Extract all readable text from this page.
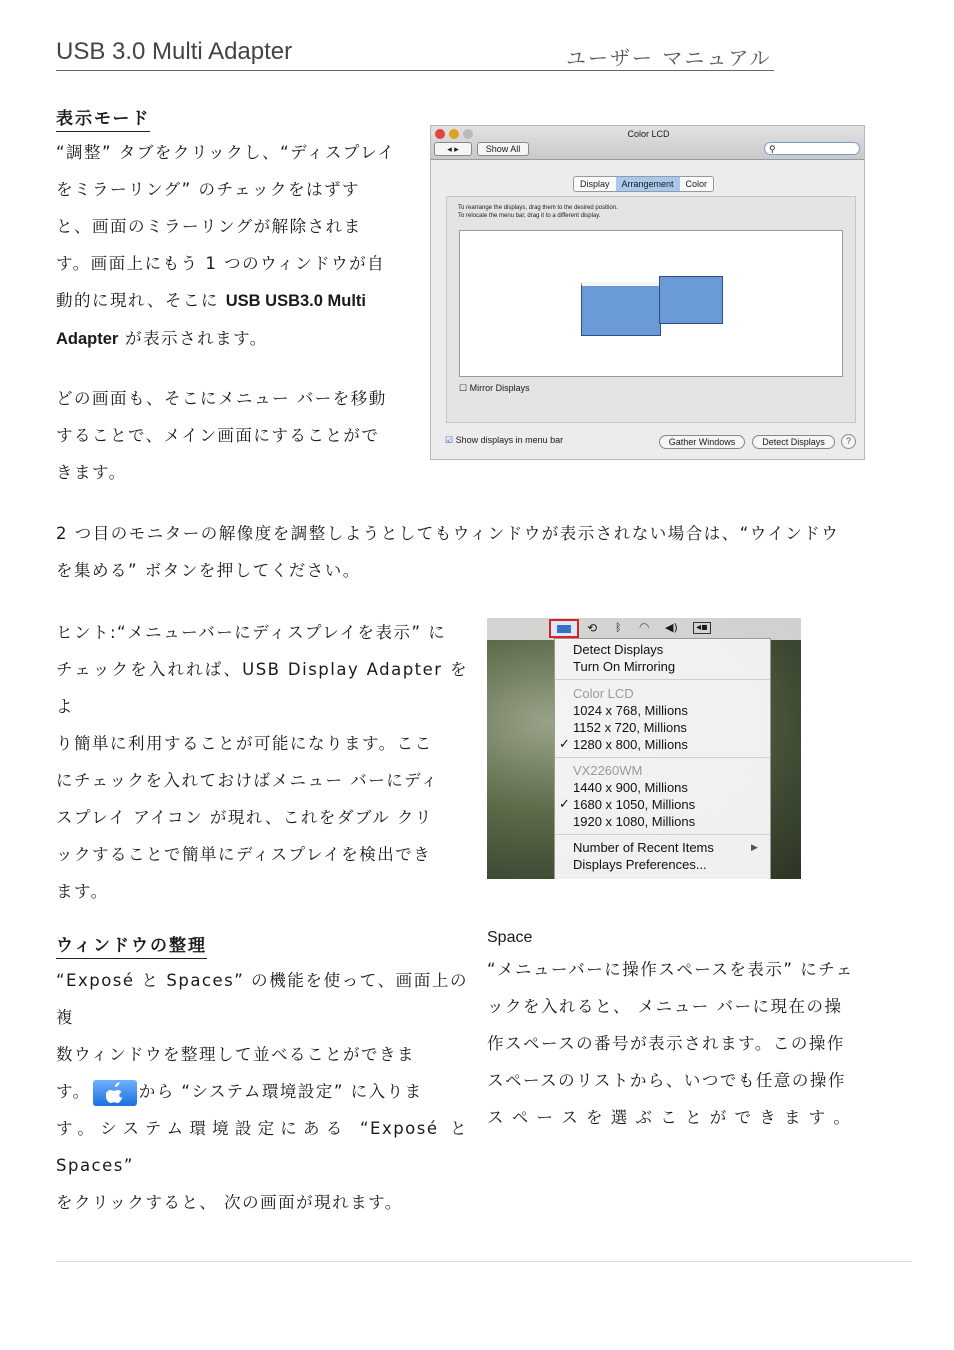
USB 3.0 Multi Adapter	ユーザー マニュアル
表示モード
“調整” タブをクリックし、“ディスプレイ
をミラーリング” のチェックをはずす
と、画面のミラーリングが解除されま
す。画面上にもう 1 つのウィンドウが自
動的に現れ、そこに USB USB3.0 Multi
Adapter が表示されます。
どの画面も、そこにメニュー バーを移動
することで、メイン画面にすることがで
きます。
Color LCD
◂ ▸	Show All	⚲
Display	Arrangement	Color
To rearrange the displays, drag them to the desired position.
To relocate the menu bar, drag it to a different display.
☐ Mirror Displays
☑ Show displays in menu bar	Gather Windows	Detect Displays	?
2 つ目のモニターの解像度を調整しようとしてもウィンドウが表示されない場合は、“ウインドウ
を集める” ボタンを押してください。
ヒント:“メニューバーにディスプレイを表示” に
チェックを入れれば、USB Display Adapter をよ
り簡単に利用することが可能になります。ここ
にチェックを入れておけばメニュー バーにディ
スプレイ アイコン が現れ、これをダブル クリ
ックすることで簡単にディスプレイを検出でき
ます。
⟲ ᛒ ◠ ◀)	◂▪
Detect Displays
Turn On Mirroring
Color LCD
1024 x 768, Millions
1152 x 720, Millions
✓ 1280 x 800, Millions
VX2260WM
1440 x 900, Millions
✓ 1680 x 1050, Millions
1920 x 1080, Millions
Number of Recent Items	▶
Displays Preferences...
ウィンドウの整理
“Exposé と Spaces” の機能を使って、画面上の複
数ウィンドウを整理して並べることができま
す。	から “システム環境設定” に入りま
す。システム環境設定にある “Exposé と Spaces”
をクリックすると、 次の画面が現れます。
Space
“メニューバーに操作スペースを表示” にチェ
ックを入れると、 メニュー バーに現在の操
作スペースの番号が表示されます。この操作
スペースのリストから、いつでも任意の操作
ス ペ ー ス を 選 ぶ こ と が で き ま す 。
